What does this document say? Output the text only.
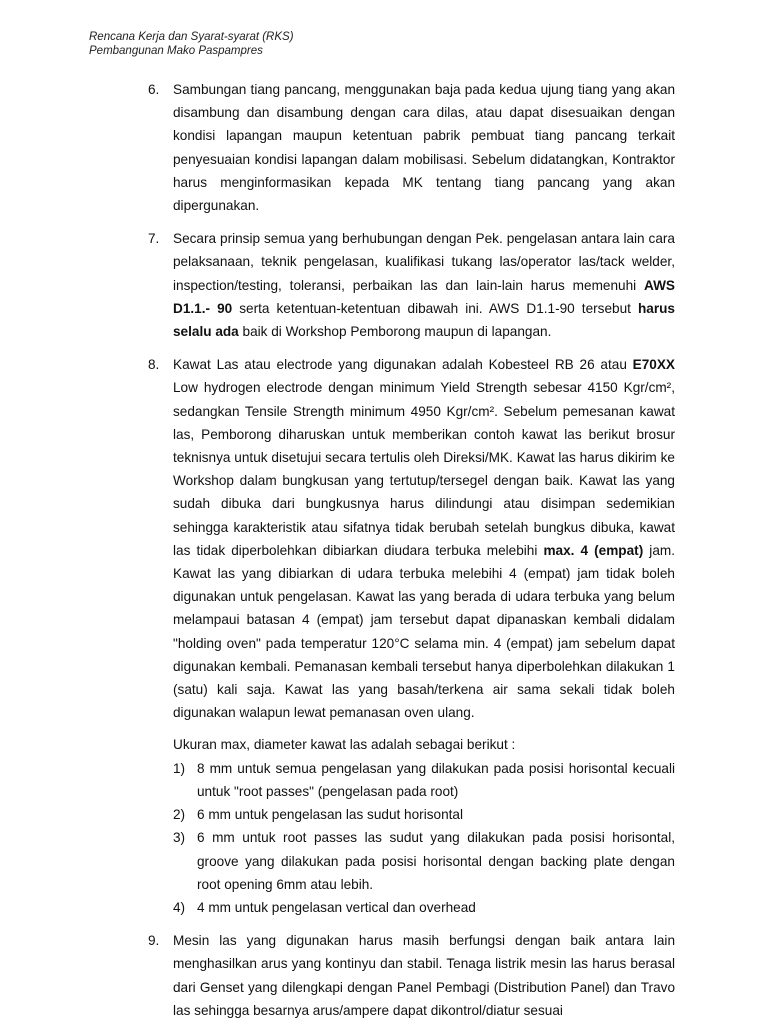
Rencana Kerja dan Syarat-syarat (RKS)
Pembangunan Mako Paspampres
6. Sambungan tiang pancang, menggunakan baja pada kedua ujung tiang yang akan disambung dan disambung dengan cara dilas, atau dapat disesuaikan dengan kondisi lapangan maupun ketentuan pabrik pembuat tiang pancang terkait penyesuaian kondisi lapangan dalam mobilisasi. Sebelum didatangkan, Kontraktor harus menginformasikan kepada MK tentang tiang pancang yang akan dipergunakan.
7. Secara prinsip semua yang berhubungan dengan Pek. pengelasan antara lain cara pelaksanaan, teknik pengelasan, kualifikasi tukang las/operator las/tack welder, inspection/testing, toleransi, perbaikan las dan lain-lain harus memenuhi AWS D1.1.- 90 serta ketentuan-ketentuan dibawah ini. AWS D1.1-90 tersebut harus selalu ada baik di Workshop Pemborong maupun di lapangan.
8. Kawat Las atau electrode yang digunakan adalah Kobesteel RB 26 atau E70XX Low hydrogen electrode dengan minimum Yield Strength sebesar 4150 Kgr/cm², sedangkan Tensile Strength minimum 4950 Kgr/cm². Sebelum pemesanan kawat las, Pemborong diharuskan untuk memberikan contoh kawat las berikut brosur teknisnya untuk disetujui secara tertulis oleh Direksi/MK. Kawat las harus dikirim ke Workshop dalam bungkusan yang tertutup/tersegel dengan baik. Kawat las yang sudah dibuka dari bungkusnya harus dilindungi atau disimpan sedemikian sehingga karakteristik atau sifatnya tidak berubah setelah bungkus dibuka, kawat las tidak diperbolehkan dibiarkan diudara terbuka melebihi max. 4 (empat) jam. Kawat las yang dibiarkan di udara terbuka melebihi 4 (empat) jam tidak boleh digunakan untuk pengelasan. Kawat las yang berada di udara terbuka yang belum melampaui batasan 4 (empat) jam tersebut dapat dipanaskan kembali didalam "holding oven" pada temperatur 120°C selama min. 4 (empat) jam sebelum dapat digunakan kembali. Pemanasan kembali tersebut hanya diperbolehkan dilakukan 1 (satu) kali saja. Kawat las yang basah/terkena air sama sekali tidak boleh digunakan walapun lewat pemanasan oven ulang.
Ukuran max, diameter kawat las adalah sebagai berikut :
1) 8 mm untuk semua pengelasan yang dilakukan pada posisi horisontal kecuali untuk "root passes" (pengelasan pada root)
2) 6 mm untuk pengelasan las sudut horisontal
3) 6 mm untuk root passes las sudut yang dilakukan pada posisi horisontal, groove yang dilakukan pada posisi horisontal dengan backing plate dengan root opening 6mm atau lebih.
4) 4 mm untuk pengelasan vertical dan overhead
9. Mesin las yang digunakan harus masih berfungsi dengan baik antara lain menghasilkan arus yang kontinyu dan stabil. Tenaga listrik mesin las harus berasal dari Genset yang dilengkapi dengan Panel Pembagi (Distribution Panel) dan Travo las sehingga besarnya arus/ampere dapat dikontrol/diatur sesuai
